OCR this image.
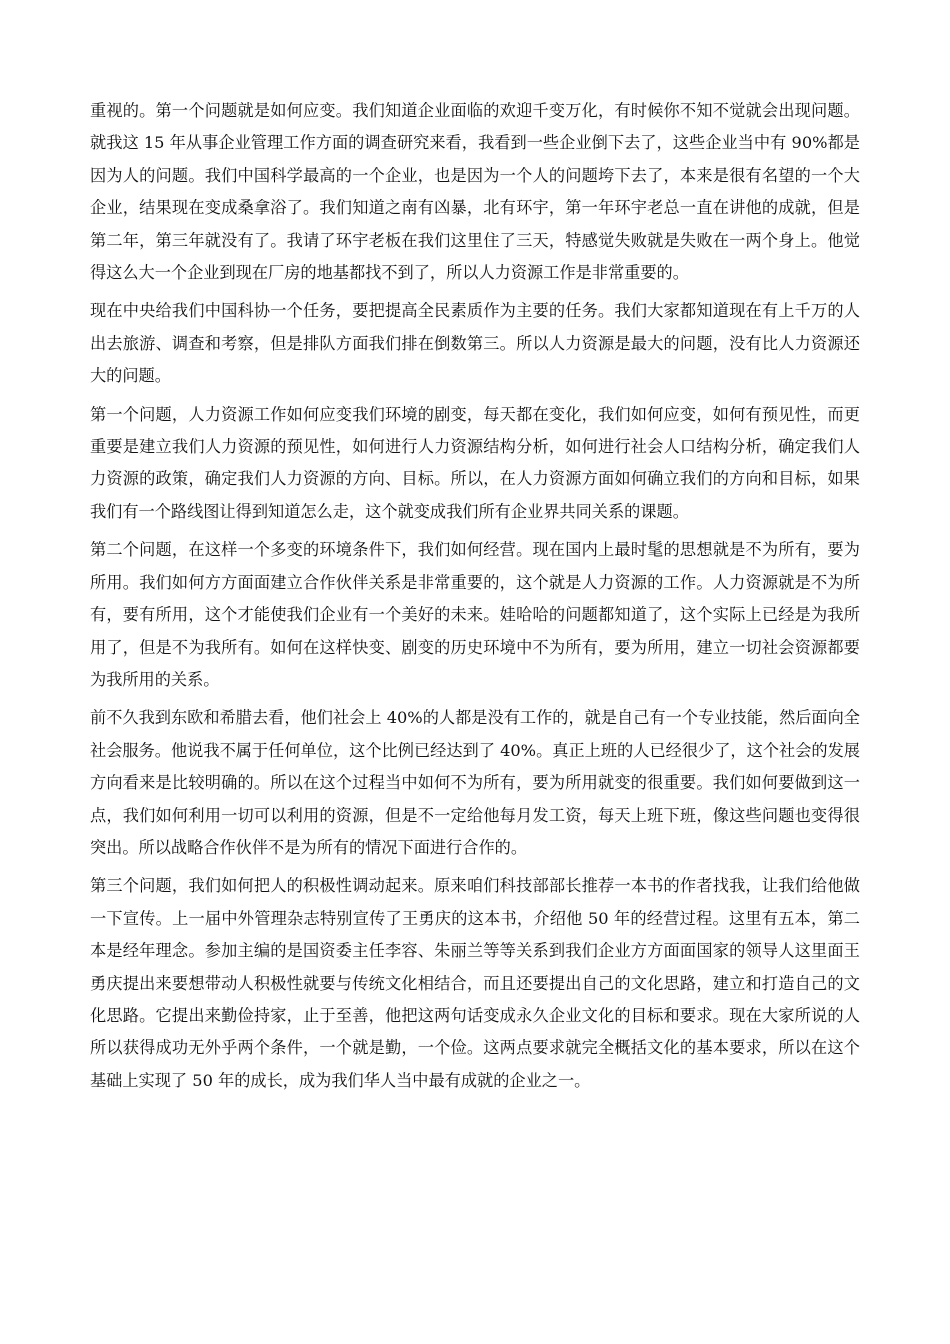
重视的。第一个问题就是如何应变。我们知道企业面临的欢迎千变万化，有时候你不知不觉就会出现问题。就我这 15 年从事企业管理工作方面的调查研究来看，我看到一些企业倒下去了，这些企业当中有 90%都是因为人的问题。我们中国科学最高的一个企业，也是因为一个人的问题垮下去了，本来是很有名望的一个大企业，结果现在变成桑拿浴了。我们知道之南有凶暴，北有环宇，第一年环宇老总一直在讲他的成就，但是第二年，第三年就没有了。我请了环宇老板在我们这里住了三天，特感觉失败就是失败在一两个身上。他觉得这么大一个企业到现在厂房的地基都找不到了，所以人力资源工作是非常重要的。

现在中央给我们中国科协一个任务，要把提高全民素质作为主要的任务。我们大家都知道现在有上千万的人出去旅游、调查和考察，但是排队方面我们排在倒数第三。所以人力资源是最大的问题，没有比人力资源还大的问题。

第一个问题，人力资源工作如何应变我们环境的剧变，每天都在变化，我们如何应变，如何有预见性，而更重要是建立我们人力资源的预见性，如何进行人力资源结构分析，如何进行社会人口结构分析，确定我们人力资源的政策，确定我们人力资源的方向、目标。所以，在人力资源方面如何确立我们的方向和目标，如果我们有一个路线图让得到知道怎么走，这个就变成我们所有企业界共同关系的课题。

第二个问题，在这样一个多变的环境条件下，我们如何经营。现在国内上最时髦的思想就是不为所有，要为所用。我们如何方方面面建立合作伙伴关系是非常重要的，这个就是人力资源的工作。人力资源就是不为所有，要有所用，这个才能使我们企业有一个美好的未来。娃哈哈的问题都知道了，这个实际上已经是为我所用了，但是不为我所有。如何在这样快变、剧变的历史环境中不为所有，要为所用，建立一切社会资源都要为我所用的关系。

前不久我到东欧和希腊去看，他们社会上 40%的人都是没有工作的，就是自己有一个专业技能，然后面向全社会服务。他说我不属于任何单位，这个比例已经达到了 40%。真正上班的人已经很少了，这个社会的发展方向看来是比较明确的。所以在这个过程当中如何不为所有，要为所用就变的很重要。我们如何要做到这一点，我们如何利用一切可以利用的资源，但是不一定给他每月发工资，每天上班下班，像这些问题也变得很突出。所以战略合作伙伴不是为所有的情况下面进行合作的。

第三个问题，我们如何把人的积极性调动起来。原来咱们科技部部长推荐一本书的作者找我，让我们给他做一下宣传。上一届中外管理杂志特别宣传了王勇庆的这本书，介绍他 50 年的经营过程。这里有五本，第二本是经年理念。参加主编的是国资委主任李容、朱丽兰等等关系到我们企业方方面面国家的领导人这里面王勇庆提出来要想带动人积极性就要与传统文化相结合，而且还要提出自己的文化思路，建立和打造自己的文化思路。它提出来勤俭持家，止于至善，他把这两句话变成永久企业文化的目标和要求。现在大家所说的人所以获得成功无外乎两个条件，一个就是勤，一个俭。这两点要求就完全概括文化的基本要求，所以在这个基础上实现了 50 年的成长，成为我们华人当中最有成就的企业之一。
